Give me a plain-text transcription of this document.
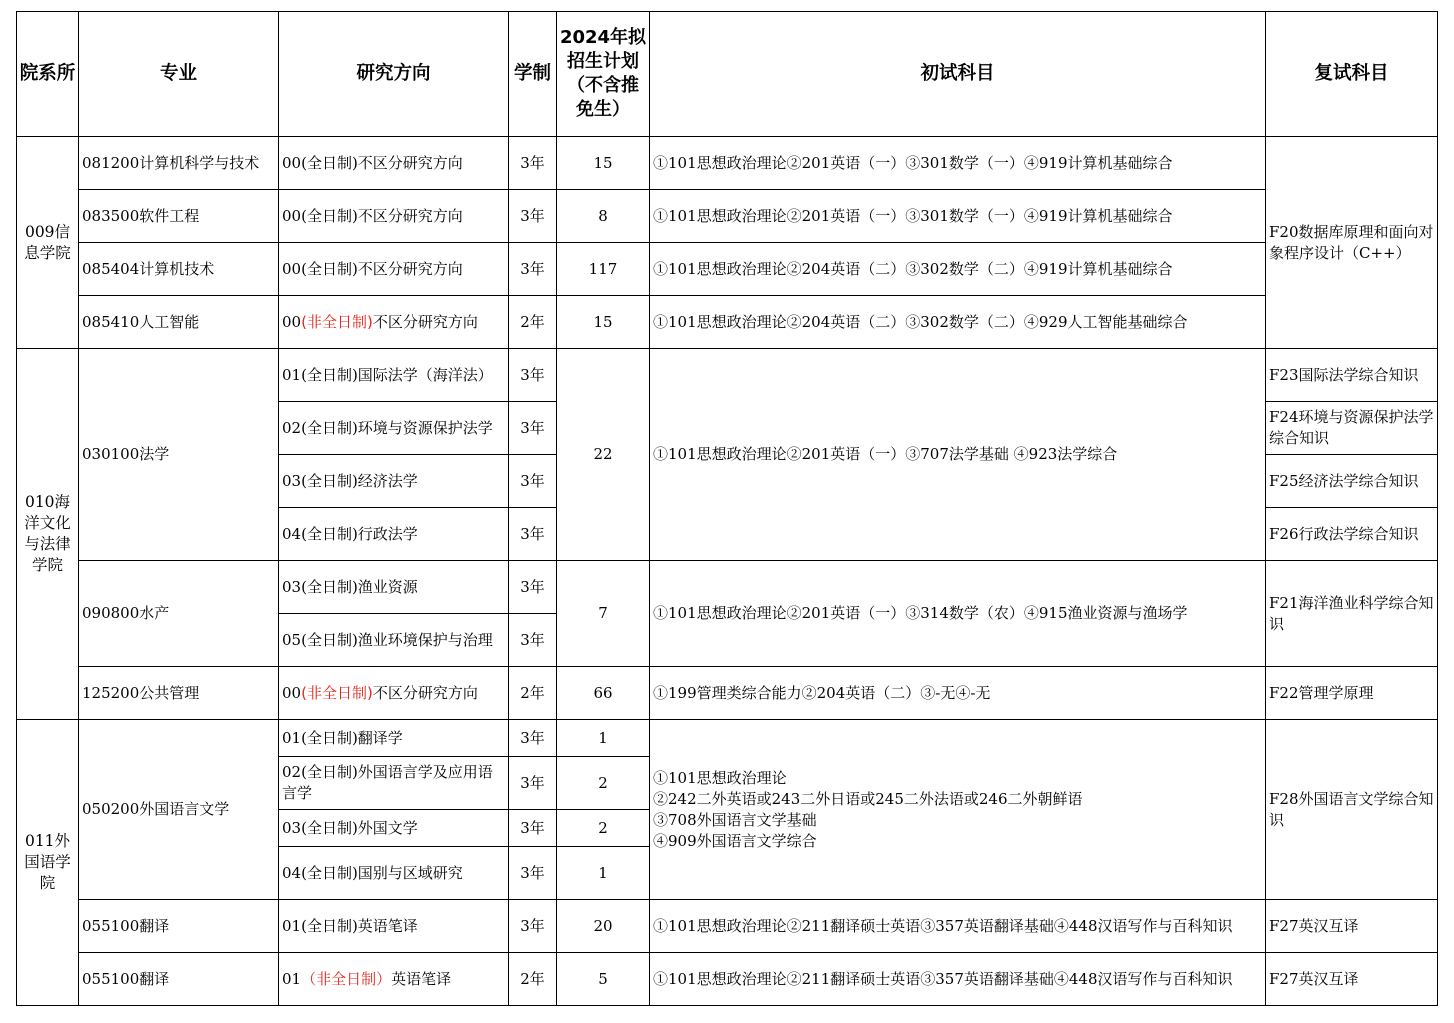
院系所	专业	研究方向	学制	2024年拟招生计划（不含推免生）	初试科目	复试科目
009信息学院	081200计算机科学与技术	00(全日制)不区分研究方向	3年	15	①101思想政治理论②201英语（一）③301数学（一）④919计算机基础综合	F20数据库原理和面向对象程序设计（C++）
	083500软件工程	00(全日制)不区分研究方向	3年	8	①101思想政治理论②201英语（一）③301数学（一）④919计算机基础综合	
	085404计算机技术	00(全日制)不区分研究方向	3年	117	①101思想政治理论②204英语（二）③302数学（二）④919计算机基础综合	
	085410人工智能	00(非全日制)不区分研究方向	2年	15	①101思想政治理论②204英语（二）③302数学（二）④929人工智能基础综合	
010海洋文化与法律学院	030100法学	01(全日制)国际法学（海洋法）	3年	22	①101思想政治理论②201英语（一）③707法学基础 ④923法学综合	F23国际法学综合知识
		02(全日制)环境与资源保护法学	3年			F24环境与资源保护法学综合知识
		03(全日制)经济法学	3年			F25经济法学综合知识
		04(全日制)行政法学	3年			F26行政法学综合知识
	090800水产	03(全日制)渔业资源	3年	7	①101思想政治理论②201英语（一）③314数学（农）④915渔业资源与渔场学	F21海洋渔业科学综合知识
		05(全日制)渔业环境保护与治理	3年			
	125200公共管理	00(非全日制)不区分研究方向	2年	66	①199管理类综合能力②204英语（二）③-无④-无	F22管理学原理
011外国语学院	050200外国语言文学	01(全日制)翻译学	3年	1	①101思想政治理论
②242二外英语或243二外日语或245二外法语或246二外朝鲜语
③708外国语言文学基础
④909外国语言文学综合	F28外国语言文学综合知识
		02(全日制)外国语言学及应用语言学	3年	2		
		03(全日制)外国文学	3年	2		
		04(全日制)国别与区域研究	3年	1		
	055100翻译	01(全日制)英语笔译	3年	20	①101思想政治理论②211翻译硕士英语③357英语翻译基础④448汉语写作与百科知识	F27英汉互译
	055100翻译	01（非全日制）英语笔译	2年	5	①101思想政治理论②211翻译硕士英语③357英语翻译基础④448汉语写作与百科知识	F27英汉互译
